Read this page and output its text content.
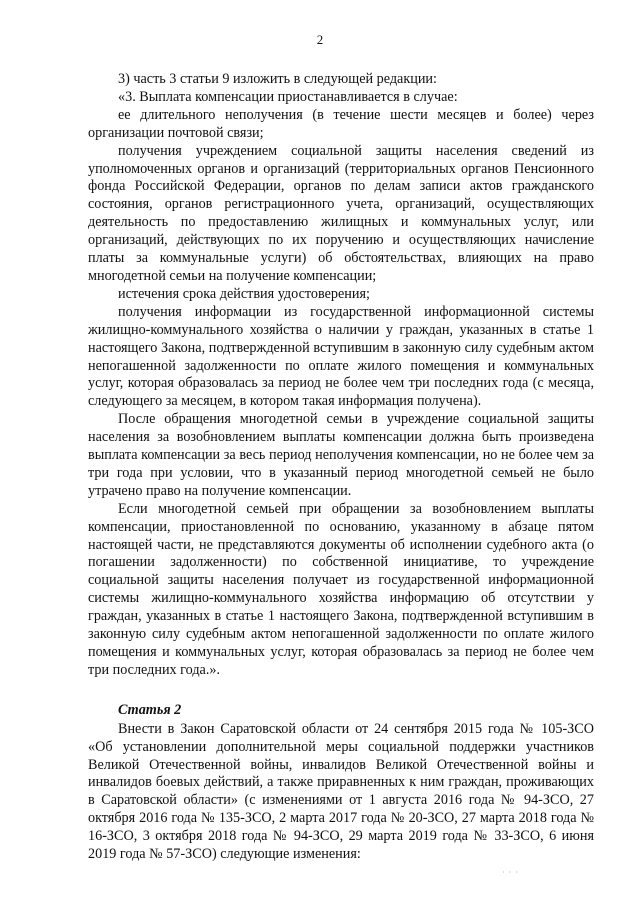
2

3) часть 3 статьи 9 изложить в следующей редакции:

«3. Выплата компенсации приостанавливается в случае:

ее длительного неполучения (в течение шести месяцев и более) через организации почтовой связи;

получения учреждением социальной защиты населения сведений из уполномоченных органов и организаций (территориальных органов Пенсионного фонда Российской Федерации, органов по делам записи актов гражданского состояния, органов регистрационного учета, организаций, осуществляющих деятельность по предоставлению жилищных и коммунальных услуг, или организаций, действующих по их поручению и осуществляющих начисление платы за коммунальные услуги) об обстоятельствах, влияющих на право многодетной семьи на получение компенсации;

истечения срока действия удостоверения;

получения информации из государственной информационной системы жилищно-коммунального хозяйства о наличии у граждан, указанных в статье 1 настоящего Закона, подтвержденной вступившим в законную силу судебным актом непогашенной задолженности по оплате жилого помещения и коммунальных услуг, которая образовалась за период не более чем три последних года (с месяца, следующего за месяцем, в котором такая информация получена).

После обращения многодетной семьи в учреждение социальной защиты населения за возобновлением выплаты компенсации должна быть произведена выплата компенсации за весь период неполучения компенсации, но не более чем за три года при условии, что в указанный период многодетной семьей не было утрачено право на получение компенсации.

Если многодетной семьей при обращении за возобновлением выплаты компенсации, приостановленной по основанию, указанному в абзаце пятом настоящей части, не представляются документы об исполнении судебного акта (о погашении задолженности) по собственной инициативе, то учреждение социальной защиты населения получает из государственной информационной системы жилищно-коммунального хозяйства информацию об отсутствии у граждан, указанных в статье 1 настоящего Закона, подтвержденной вступившим в законную силу судебным актом непогашенной задолженности по оплате жилого помещения и коммунальных услуг, которая образовалась за период не более чем три последних года.».

Статья 2

Внести в Закон Саратовской области от 24 сентября 2015 года № 105-ЗСО «Об установлении дополнительной меры социальной поддержки участников Великой Отечественной войны, инвалидов Великой Отечественной войны и инвалидов боевых действий, а также приравненных к ним граждан, проживающих в Саратовской области» (с изменениями от 1 августа 2016 года № 94-ЗСО, 27 октября 2016 года № 135-ЗСО, 2 марта 2017 года № 20-ЗСО, 27 марта 2018 года № 16-ЗСО, 3 октября 2018 года № 94-ЗСО, 29 марта 2019 года № 33-ЗСО, 6 июня 2019 года № 57-ЗСО) следующие изменения:

· · ·
